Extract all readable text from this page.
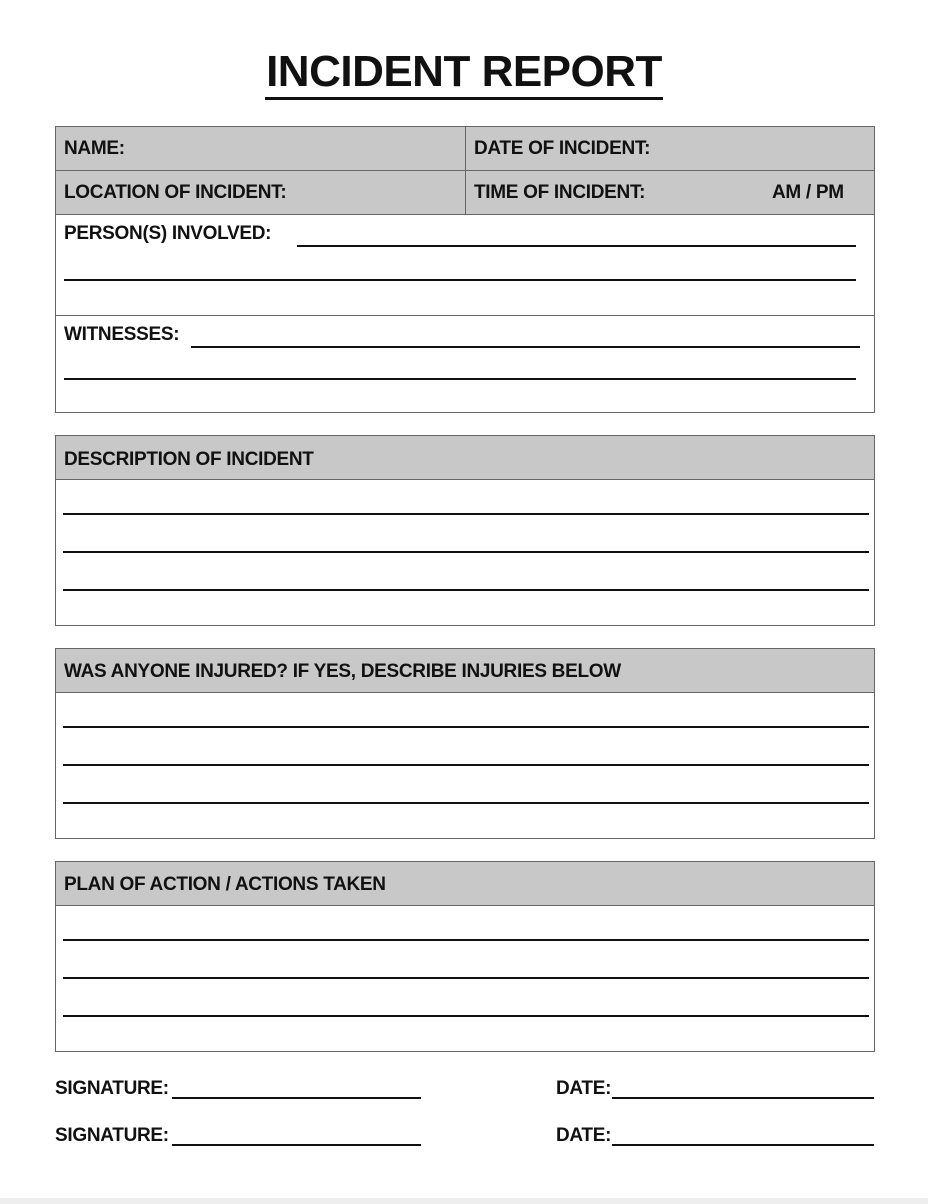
INCIDENT REPORT
NAME:	DATE OF INCIDENT:
LOCATION OF INCIDENT:	TIME OF INCIDENT:	AM / PM
PERSON(S) INVOLVED:
WITNESSES:
DESCRIPTION OF INCIDENT
WAS ANYONE INJURED? IF YES, DESCRIBE INJURIES BELOW
PLAN OF ACTION / ACTIONS TAKEN
SIGNATURE:	DATE:
SIGNATURE:	DATE:
